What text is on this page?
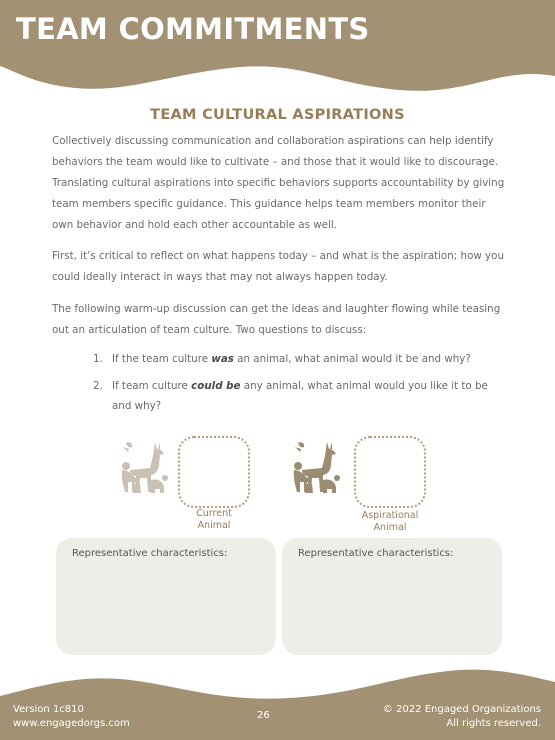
TEAM COMMITMENTS
TEAM CULTURAL ASPIRATIONS
Collectively discussing communication and collaboration aspirations can help identify behaviors the team would like to cultivate – and those that it would like to discourage. Translating cultural aspirations into specific behaviors supports accountability by giving team members specific guidance. This guidance helps team members monitor their own behavior and hold each other accountable as well.
First, it’s critical to reflect on what happens today – and what is the aspiration; how you could ideally interact in ways that may not always happen today.
The following warm-up discussion can get the ideas and laughter flowing while teasing out an articulation of team culture. Two questions to discuss:
1. If the team culture was an animal, what animal would it be and why?
2. If team culture could be any animal, what animal would you like it to be and why?
Current
Animal
Aspirational
Animal
Representative characteristics:	Representative characteristics:
Version 1c810
www.engagedorgs.com
26
© 2022 Engaged Organizations
All rights reserved.
